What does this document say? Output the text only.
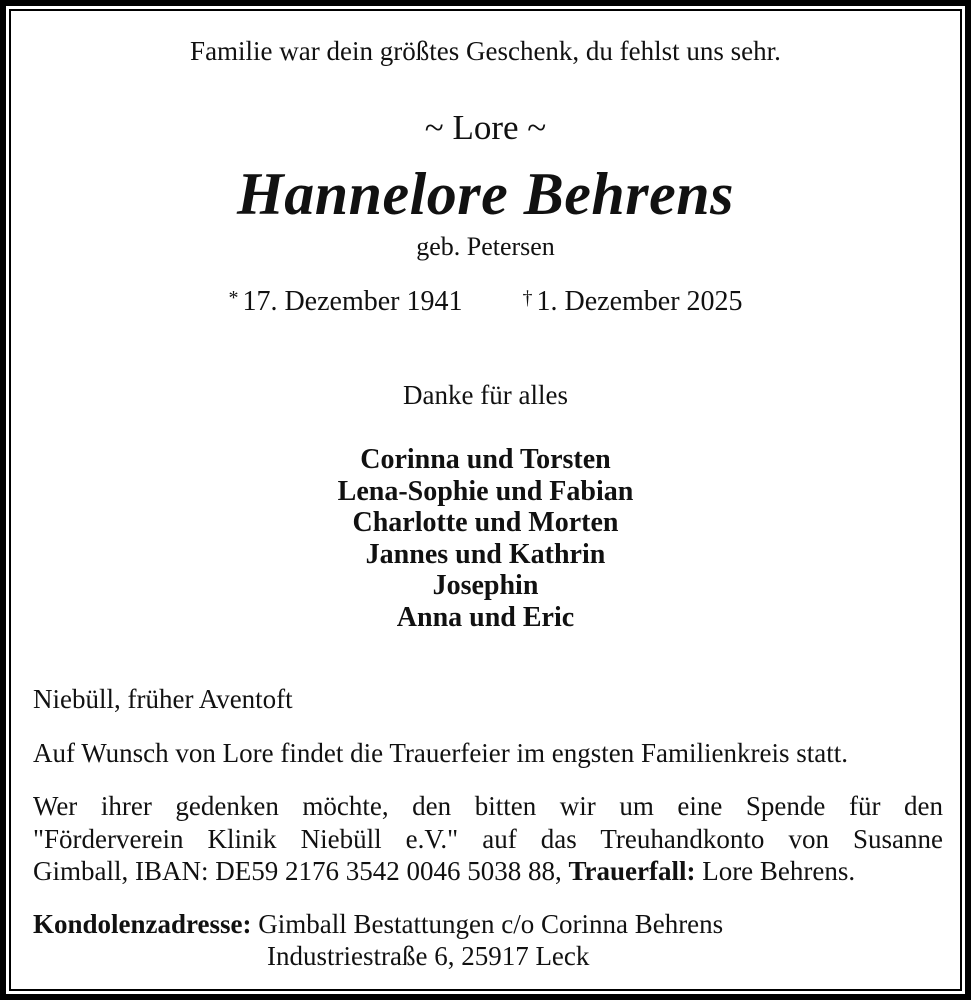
Familie war dein größtes Geschenk, du fehlst uns sehr.
~ Lore ~
Hannelore Behrens
geb. Petersen
* 17. Dezember 1941	† 1. Dezember 2025
Danke für alles
Corinna und Torsten
Lena-Sophie und Fabian
Charlotte und Morten
Jannes und Kathrin
Josephin
Anna und Eric
Niebüll, früher Aventoft
Auf Wunsch von Lore findet die Trauerfeier im engsten Familienkreis statt.
Wer ihrer gedenken möchte, den bitten wir um eine Spende für den
"Förderverein Klinik Niebüll e.V." auf das Treuhandkonto von Susanne
Gimball, IBAN: DE59 2176 3542 0046 5038 88, Trauerfall: Lore Behrens.
Kondolenzadresse: Gimball Bestattungen c/o Corinna Behrens
Industriestraße 6, 25917 Leck
